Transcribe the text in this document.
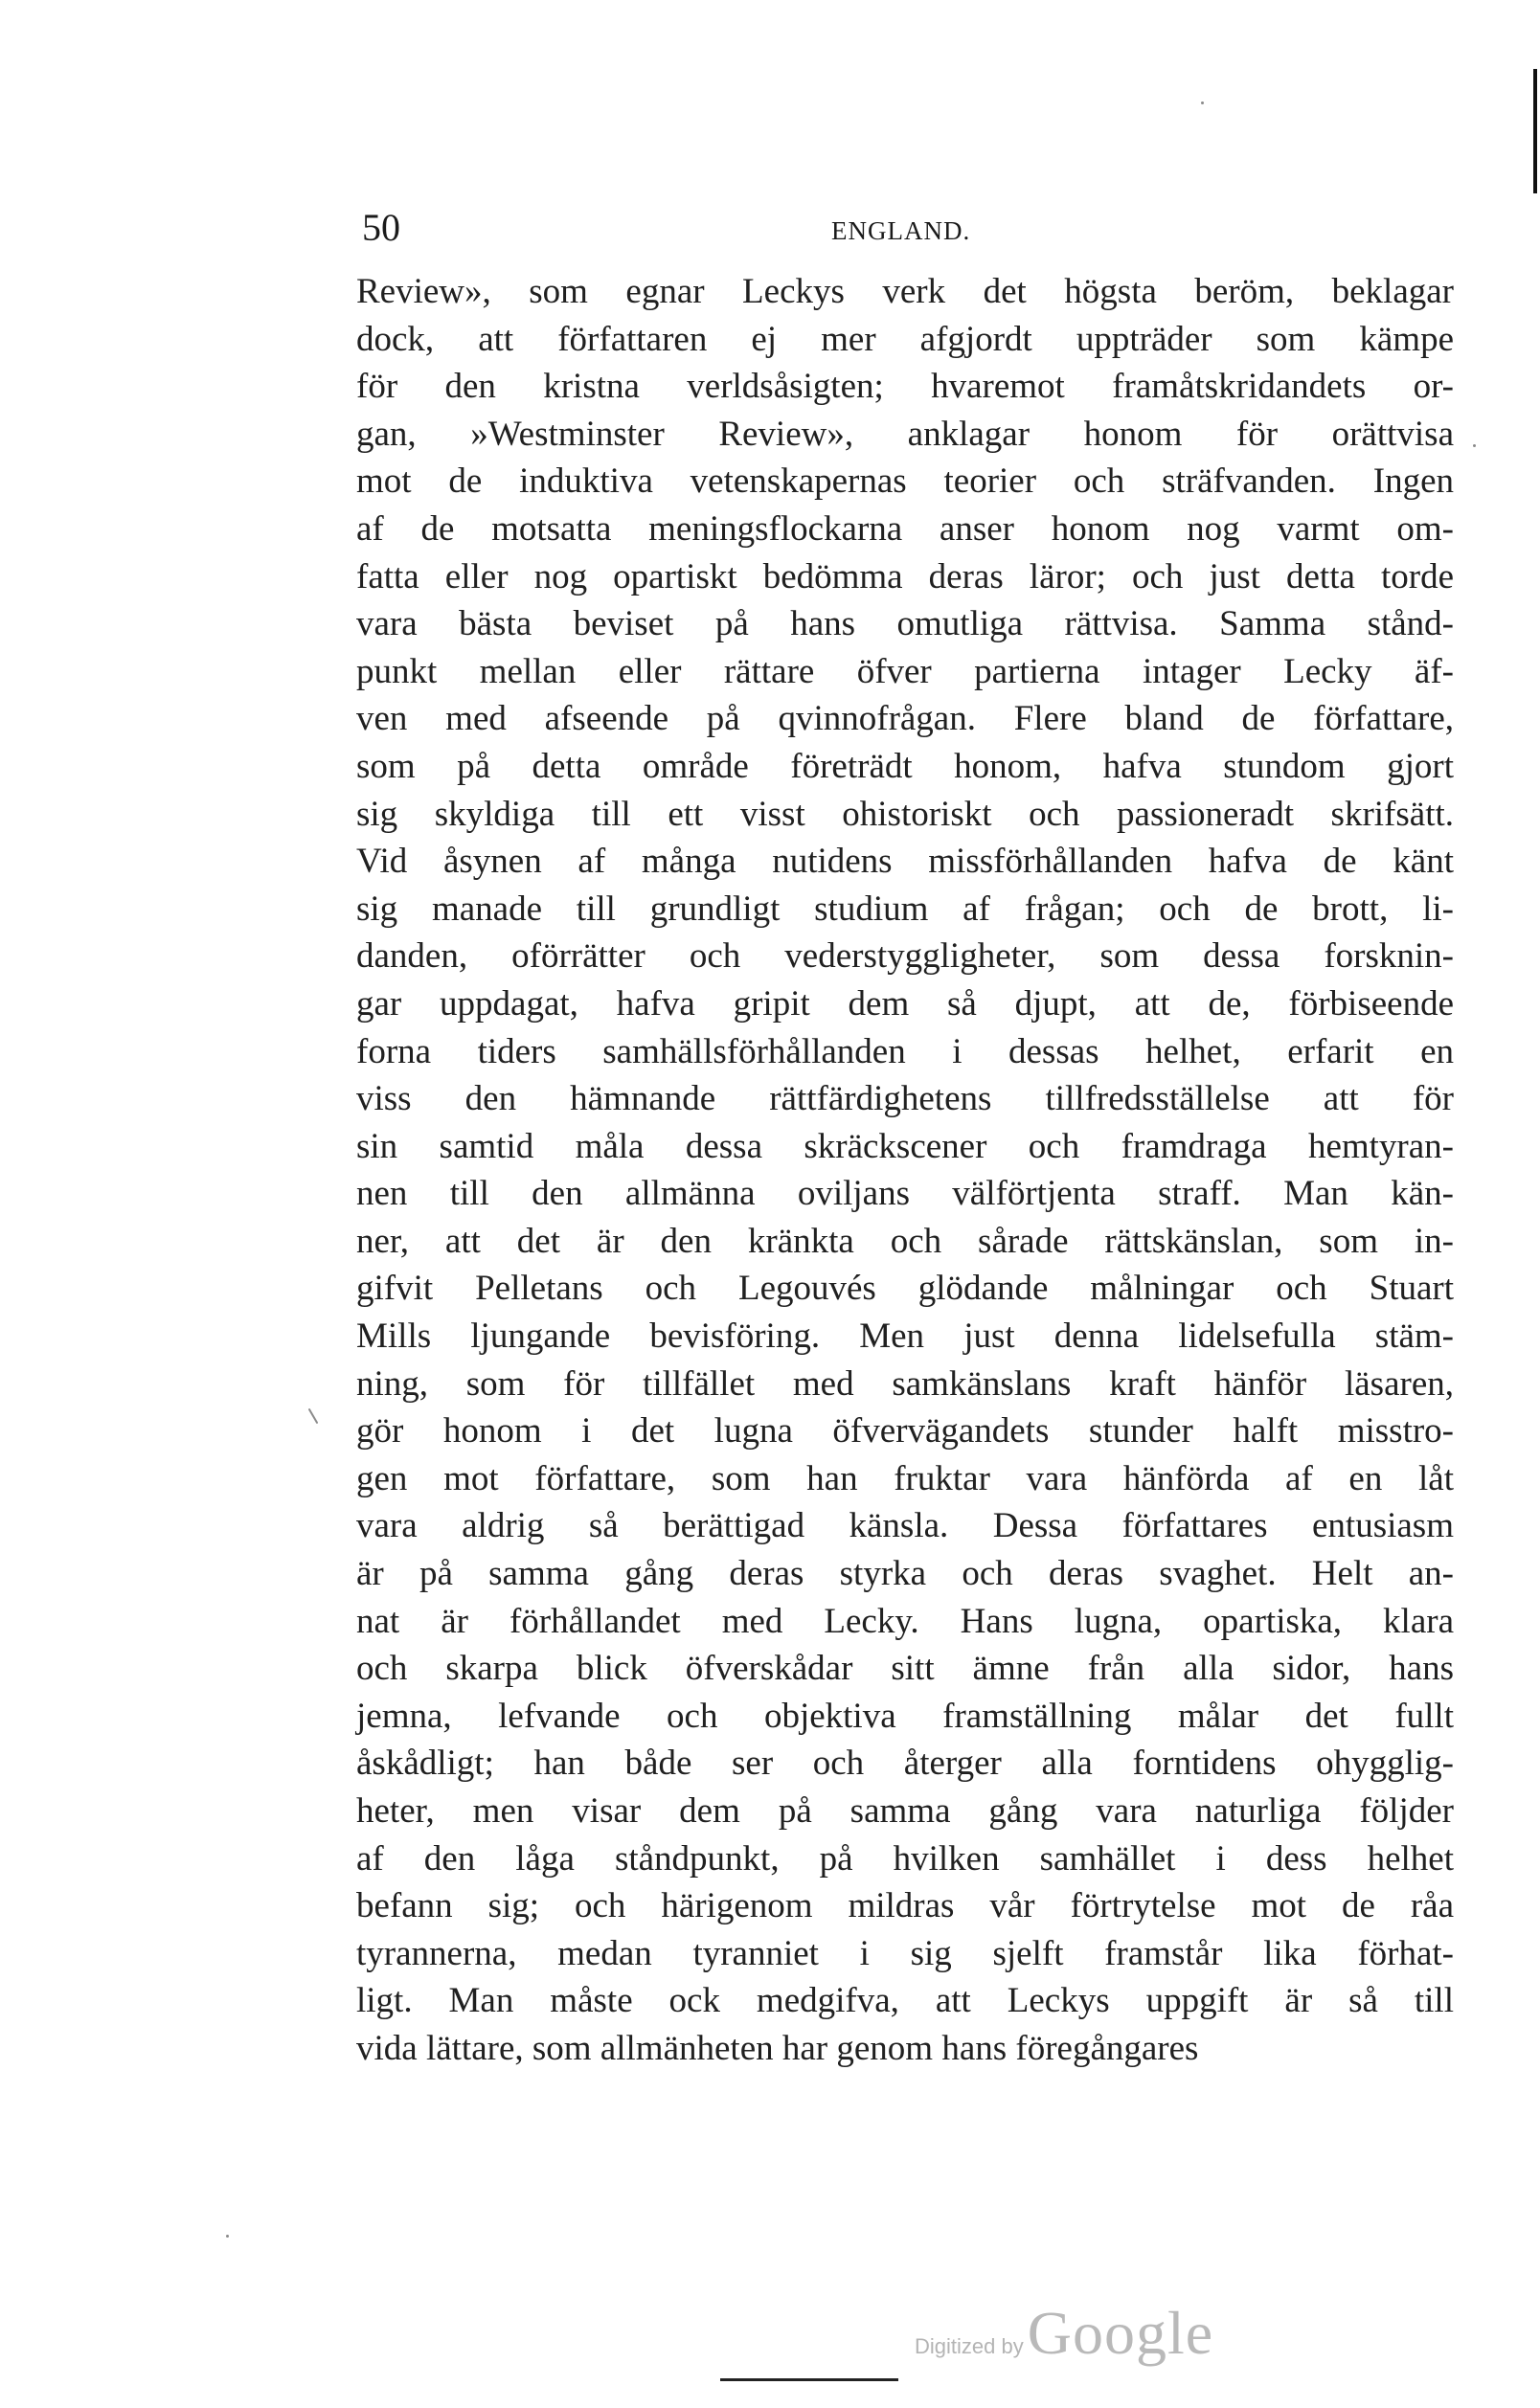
50	ENGLAND.
Review», som egnar Leckys verk det högsta beröm, beklagar
dock, att författaren ej mer afgjordt uppträder som kämpe
för den kristna verldsåsigten; hvaremot framåtskridandets or-
gan, »Westminster Review», anklagar honom för orättvisa
mot de induktiva vetenskapernas teorier och sträfvanden. Ingen
af de motsatta meningsflockarna anser honom nog varmt om-
fatta eller nog opartiskt bedömma deras läror; och just detta torde
vara bästa beviset på hans omutliga rättvisa. Samma stånd-
punkt mellan eller rättare öfver partierna intager Lecky äf-
ven med afseende på qvinnofrågan. Flere bland de författare,
som på detta område företrädt honom, hafva stundom gjort
sig skyldiga till ett visst ohistoriskt och passioneradt skrifsätt.
Vid åsynen af många nutidens missförhållanden hafva de känt
sig manade till grundligt studium af frågan; och de brott, li-
danden, oförrätter och vederstyggligheter, som dessa forsknin-
gar uppdagat, hafva gripit dem så djupt, att de, förbiseende
forna tiders samhällsförhållanden i dessas helhet, erfarit en
viss den hämnande rättfärdighetens tillfredsställelse att för
sin samtid måla dessa skräckscener och framdraga hemtyran-
nen till den allmänna oviljans välförtjenta straff. Man kän-
ner, att det är den kränkta och sårade rättskänslan, som in-
gifvit Pelletans och Legouvés glödande målningar och Stuart
Mills ljungande bevisföring. Men just denna lidelsefulla stäm-
ning, som för tillfället med samkänslans kraft hänför läsaren,
gör honom i det lugna öfvervägandets stunder halft misstro-
gen mot författare, som han fruktar vara hänförda af en låt
vara aldrig så berättigad känsla. Dessa författares entusiasm
är på samma gång deras styrka och deras svaghet. Helt an-
nat är förhållandet med Lecky. Hans lugna, opartiska, klara
och skarpa blick öfverskådar sitt ämne från alla sidor, hans
jemna, lefvande och objektiva framställning målar det fullt
åskådligt; han både ser och återger alla forntidens ohygglig-
heter, men visar dem på samma gång vara naturliga följder
af den låga ståndpunkt, på hvilken samhället i dess helhet
befann sig; och härigenom mildras vår förtrytelse mot de råa
tyrannerna, medan tyranniet i sig sjelft framstår lika förhat-
ligt. Man måste ock medgifva, att Leckys uppgift är så till
vida lättare, som allmänheten har genom hans föregångares
Digitized by Google
